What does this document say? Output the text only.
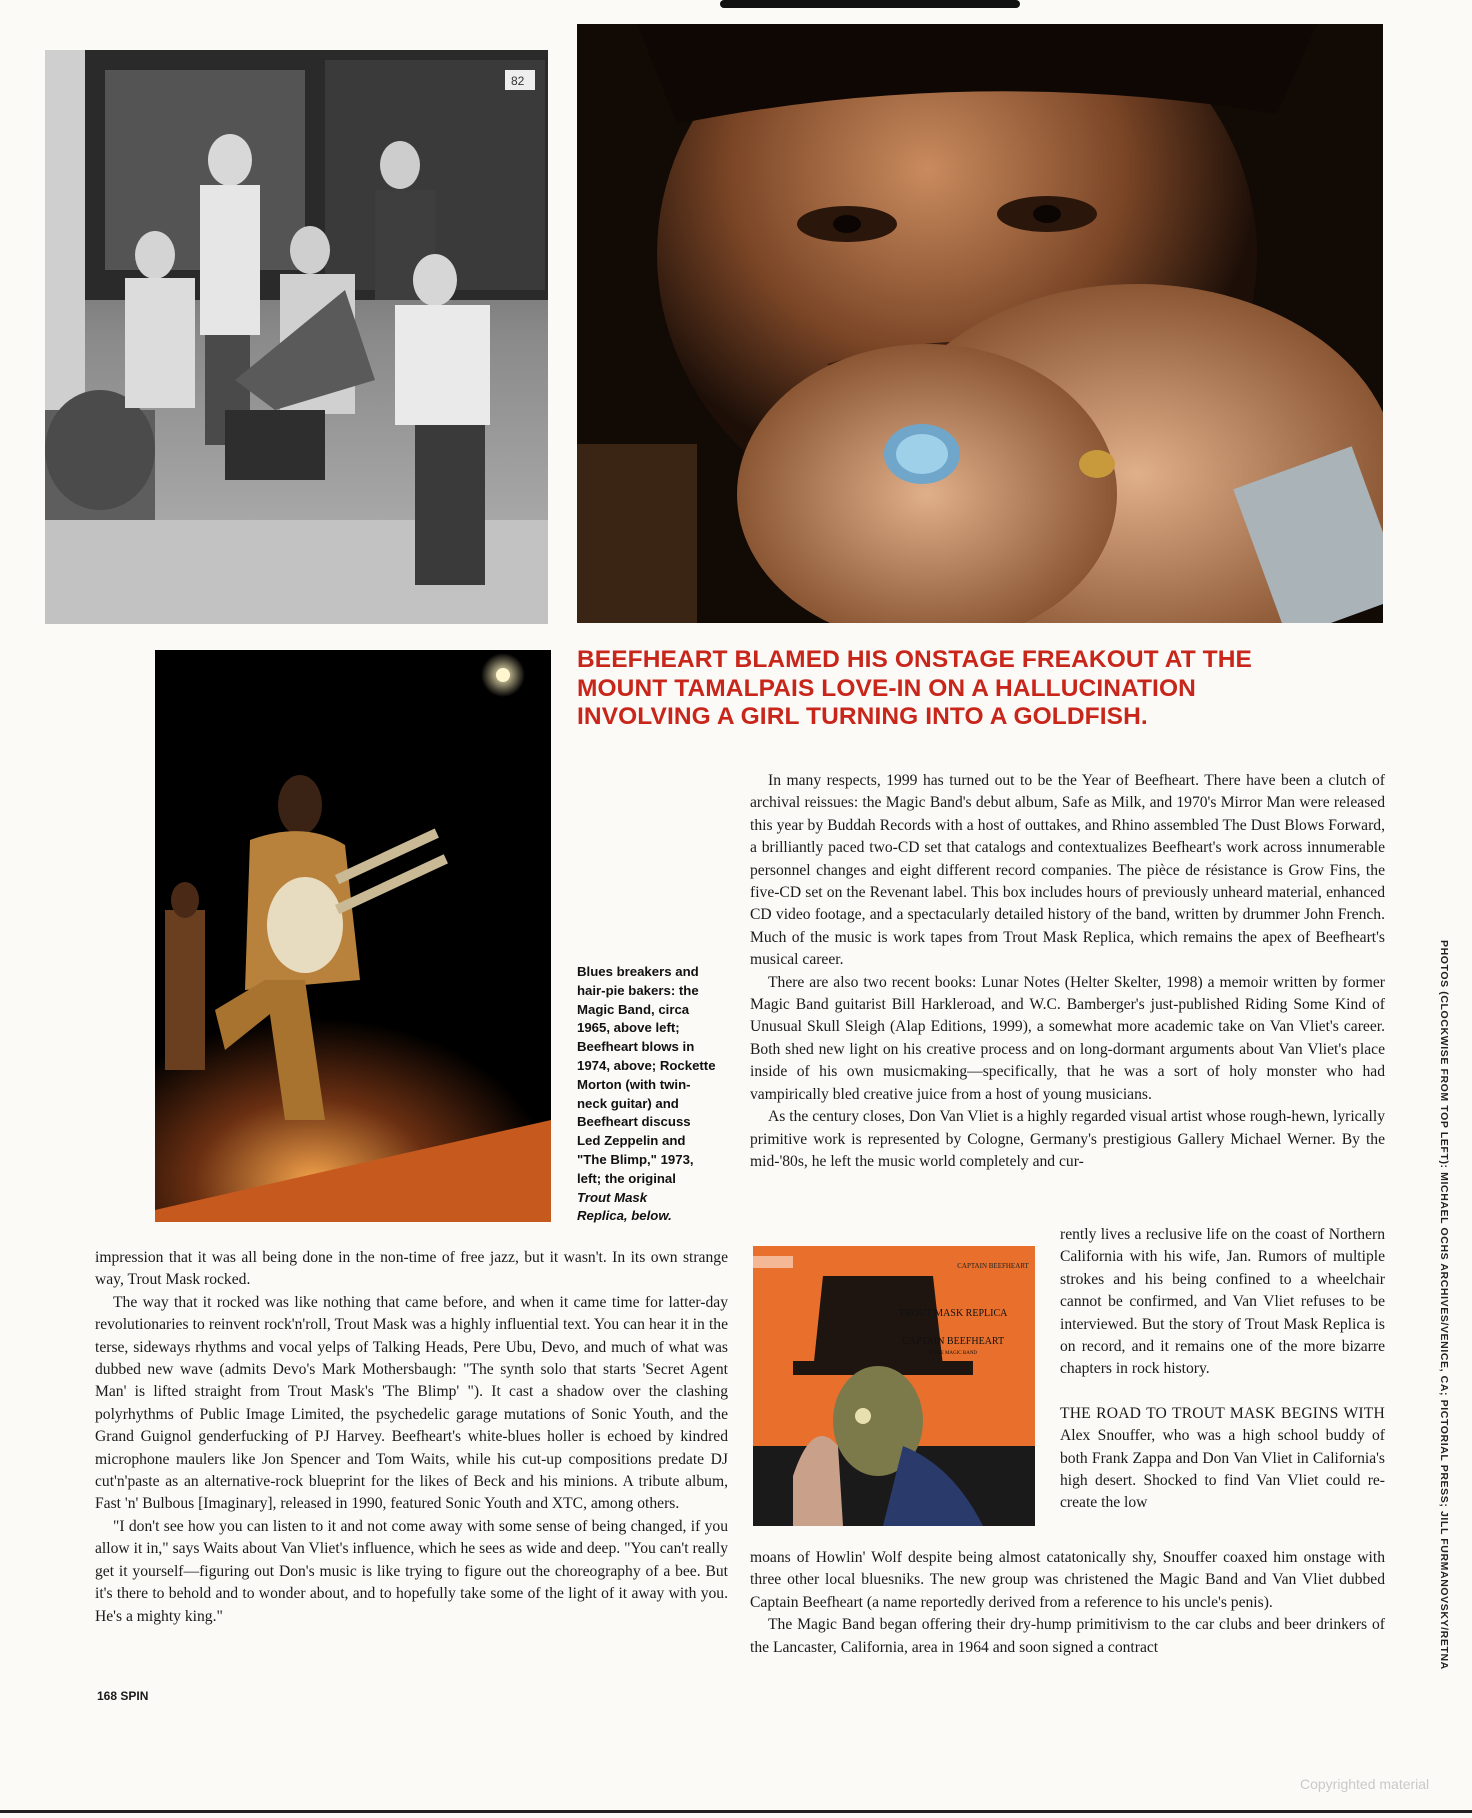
82
BEEFHEART BLAMED HIS ONSTAGE FREAKOUT AT THE MOUNT TAMALPAIS LOVE-IN ON A HALLUCINATION INVOLVING A GIRL TURNING INTO A GOLDFISH.
Blues breakers and
hair-pie bakers: the
Magic Band, circa
1965, above left;
Beefheart blows in
1974, above; Rockette
Morton (with twin-
neck guitar) and
Beefheart discuss
Led Zeppelin and
"The Blimp," 1973,
left; the original
Trout Mask
Replica, below.

In many respects, 1999 has turned out to be the Year of Beefheart. There have been a clutch of archival reissues: the Magic Band's debut album, Safe as Milk, and 1970's Mirror Man were released this year by Buddah Records with a host of outtakes, and Rhino assembled The Dust Blows Forward, a brilliantly paced two-CD set that catalogs and contextualizes Beefheart's work across innumerable personnel changes and eight different record companies. The pièce de résistance is Grow Fins, the five-CD set on the Revenant label. This box includes hours of previously unheard material, enhanced CD video footage, and a spectacularly detailed history of the band, written by drummer John French. Much of the music is work tapes from Trout Mask Replica, which remains the apex of Beefheart's musical career.

There are also two recent books: Lunar Notes (Helter Skelter, 1998) a memoir written by former Magic Band guitarist Bill Harkleroad, and W.C. Bamberger's just-published Riding Some Kind of Unusual Skull Sleigh (Alap Editions, 1999), a somewhat more academic take on Van Vliet's career. Both shed new light on his creative process and on long-dormant arguments about Van Vliet's place inside of his own musicmaking—specifically, that he was a sort of holy monster who had vampirically bled creative juice from a host of young musicians.

As the century closes, Don Van Vliet is a highly regarded visual artist whose rough-hewn, lyrically primitive work is represented by Cologne, Germany's prestigious Gallery Michael Werner. By the mid-'80s, he left the music world completely and cur-

CAPTAIN BEEFHEART
TROUT MASK REPLICA
CAPTAIN BEEFHEART
& THE MAGIC BAND

rently lives a reclusive life on the coast of Northern California with his wife, Jan. Rumors of multiple strokes and his being confined to a wheelchair cannot be confirmed, and Van Vliet refuses to be interviewed. But the story of Trout Mask Replica is on record, and it remains one of the more bizarre chapters in rock history.

THE ROAD TO TROUT MASK BEGINS WITH Alex Snouffer, who was a high school buddy of both Frank Zappa and Don Van Vliet in California's high desert. Shocked to find Van Vliet could re-create the low

moans of Howlin' Wolf despite being almost catatonically shy, Snouffer coaxed him onstage with three other local bluesniks. The new group was christened the Magic Band and Van Vliet dubbed Captain Beefheart (a name reportedly derived from a reference to his uncle's penis).

The Magic Band began offering their dry-hump primitivism to the car clubs and beer drinkers of the Lancaster, California, area in 1964 and soon signed a contract

impression that it was all being done in the non-time of free jazz, but it wasn't. In its own strange way, Trout Mask rocked.

The way that it rocked was like nothing that came before, and when it came time for latter-day revolutionaries to reinvent rock'n'roll, Trout Mask was a highly influential text. You can hear it in the terse, sideways rhythms and vocal yelps of Talking Heads, Pere Ubu, Devo, and much of what was dubbed new wave (admits Devo's Mark Mothersbaugh: "The synth solo that starts 'Secret Agent Man' is lifted straight from Trout Mask's 'The Blimp' "). It cast a shadow over the clashing polyrhythms of Public Image Limited, the psychedelic garage mutations of Sonic Youth, and the Grand Guignol genderfucking of PJ Harvey. Beefheart's white-blues holler is echoed by kindred microphone maulers like Jon Spencer and Tom Waits, while his cut-up compositions predate DJ cut'n'paste as an alternative-rock blueprint for the likes of Beck and his minions. A tribute album, Fast 'n' Bulbous [Imaginary], released in 1990, featured Sonic Youth and XTC, among others.

"I don't see how you can listen to it and not come away with some sense of being changed, if you allow it in," says Waits about Van Vliet's influence, which he sees as wide and deep. "You can't really get it yourself—figuring out Don's music is like trying to figure out the choreography of a bee. But it's there to behold and to wonder about, and to hopefully take some of the light of it away with you. He's a mighty king."

168 SPIN
PHOTOS (CLOCKWISE FROM TOP LEFT): MICHAEL OCHS ARCHIVES/VENICE, CA; PICTORIAL PRESS; JILL FURMANOVSKY/RETNA
Copyrighted material
